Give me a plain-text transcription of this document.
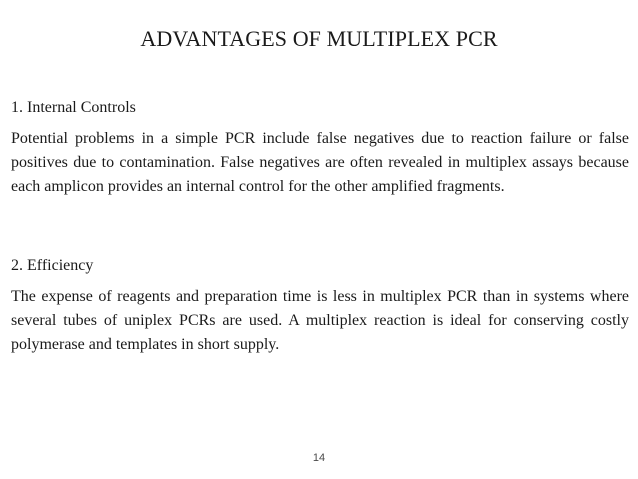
ADVANTAGES OF MULTIPLEX PCR
1. Internal Controls

Potential problems in a simple PCR include false negatives due to reaction failure or false positives due to contamination. False negatives are often revealed in multiplex assays because each amplicon provides an internal control for the other amplified fragments.

2. Efficiency

The expense of reagents and preparation time is less in multiplex PCR than in systems where several tubes of uniplex PCRs are used. A multiplex reaction is ideal for conserving costly polymerase and templates in short supply.

14
